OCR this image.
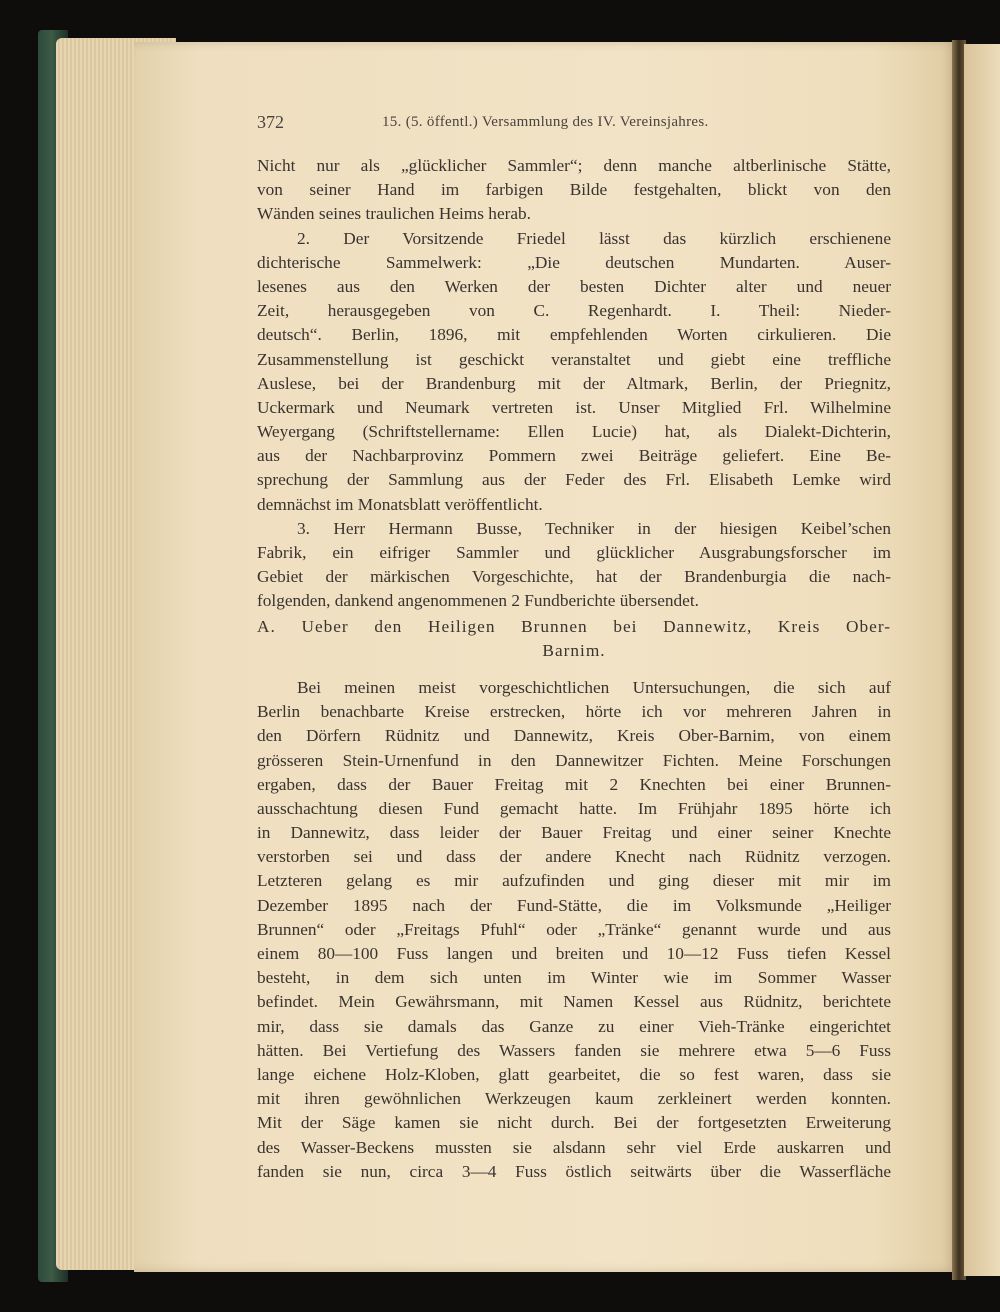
372	15. (5. öffentl.) Versammlung des IV. Vereinsjahres.
Nicht nur als „glücklicher Sammler“; denn manche altberlinische Stätte,
von seiner Hand im farbigen Bilde festgehalten, blickt von den
Wänden seines traulichen Heims herab.
2. Der Vorsitzende Friedel lässt das kürzlich erschienene
dichterische Sammelwerk: „Die deutschen Mundarten. Auser-
lesenes aus den Werken der besten Dichter alter und neuer
Zeit, herausgegeben von C. Regenhardt. I. Theil: Nieder-
deutsch“. Berlin, 1896, mit empfehlenden Worten cirkulieren. Die
Zusammenstellung ist geschickt veranstaltet und giebt eine treffliche
Auslese, bei der Brandenburg mit der Altmark, Berlin, der Priegnitz,
Uckermark und Neumark vertreten ist. Unser Mitglied Frl. Wilhelmine
Weyergang (Schriftstellername: Ellen Lucie) hat, als Dialekt-Dichterin,
aus der Nachbarprovinz Pommern zwei Beiträge geliefert. Eine Be-
sprechung der Sammlung aus der Feder des Frl. Elisabeth Lemke wird
demnächst im Monatsblatt veröffentlicht.
3. Herr Hermann Busse, Techniker in der hiesigen Keibel’schen
Fabrik, ein eifriger Sammler und glücklicher Ausgrabungsforscher im
Gebiet der märkischen Vorgeschichte, hat der Brandenburgia die nach-
folgenden, dankend angenommenen 2 Fundberichte übersendet.
A. Ueber den Heiligen Brunnen bei Dannewitz, Kreis Ober-
Barnim.
Bei meinen meist vorgeschichtlichen Untersuchungen, die sich auf
Berlin benachbarte Kreise erstrecken, hörte ich vor mehreren Jahren in
den Dörfern Rüdnitz und Dannewitz, Kreis Ober-Barnim, von einem
grösseren Stein-Urnenfund in den Dannewitzer Fichten. Meine Forschungen
ergaben, dass der Bauer Freitag mit 2 Knechten bei einer Brunnen-
ausschachtung diesen Fund gemacht hatte. Im Frühjahr 1895 hörte ich
in Dannewitz, dass leider der Bauer Freitag und einer seiner Knechte
verstorben sei und dass der andere Knecht nach Rüdnitz verzogen.
Letzteren gelang es mir aufzufinden und ging dieser mit mir im
Dezember 1895 nach der Fund-Stätte, die im Volksmunde „Heiliger
Brunnen“ oder „Freitags Pfuhl“ oder „Tränke“ genannt wurde und aus
einem 80—100 Fuss langen und breiten und 10—12 Fuss tiefen Kessel
besteht, in dem sich unten im Winter wie im Sommer Wasser
befindet. Mein Gewährsmann, mit Namen Kessel aus Rüdnitz, berichtete
mir, dass sie damals das Ganze zu einer Vieh-Tränke eingerichtet
hätten. Bei Vertiefung des Wassers fanden sie mehrere etwa 5—6 Fuss
lange eichene Holz-Kloben, glatt gearbeitet, die so fest waren, dass sie
mit ihren gewöhnlichen Werkzeugen kaum zerkleinert werden konnten.
Mit der Säge kamen sie nicht durch. Bei der fortgesetzten Erweiterung
des Wasser-Beckens mussten sie alsdann sehr viel Erde auskarren und
fanden sie nun, circa 3—4 Fuss östlich seitwärts über die Wasserfläche
